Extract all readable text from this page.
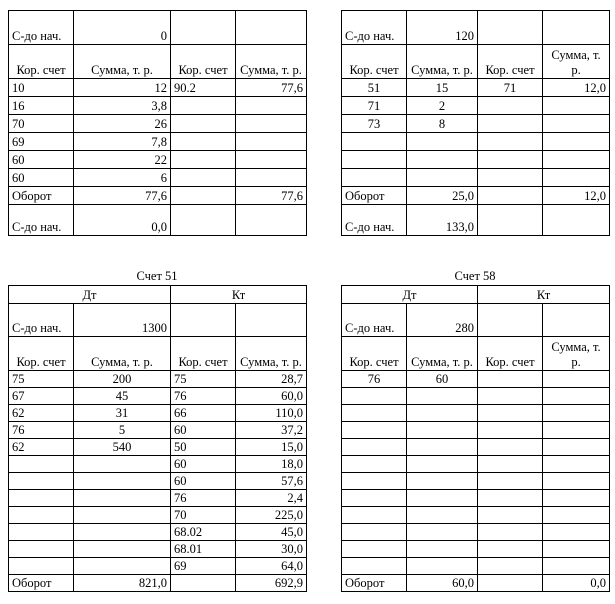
С-до нач.	0		
Кор. счет	Сумма, т. р.	Кор. счет	Сумма, т. р.
10	12	90.2	77,6
16	3,8		
70	26		
69	7,8		
60	22		
60	6		
Оборот	77,6		77,6
С-до нач.	0,0		
С-до нач.	120		
Кор. счет	Сумма, т. р.	Кор. счет	Сумма, т. р.
51	15	71	12,0
71	2		
73	8		

Оборот	25,0		12,0
С-до нач.	133,0		
Счет 51
Дт		Кт	
С-до нач.	1300		
Кор. счет	Сумма, т. р.	Кор. счет	Сумма, т. р.
75	200	75	28,7
67	45	76	60,0
62	31	66	110,0
76	5	60	37,2
62	540	50	15,0
		60	18,0
		60	57,6
		76	2,4
		70	225,0
		68.02	45,0
		68.01	30,0
		69	64,0
Оборот	821,0		692,9
Счет 58
Дт		Кт	
С-до нач.	280		
Кор. счет	Сумма, т. р.	Кор. счет	Сумма, т. р.
76	60		

Оборот	60,0		0,0
